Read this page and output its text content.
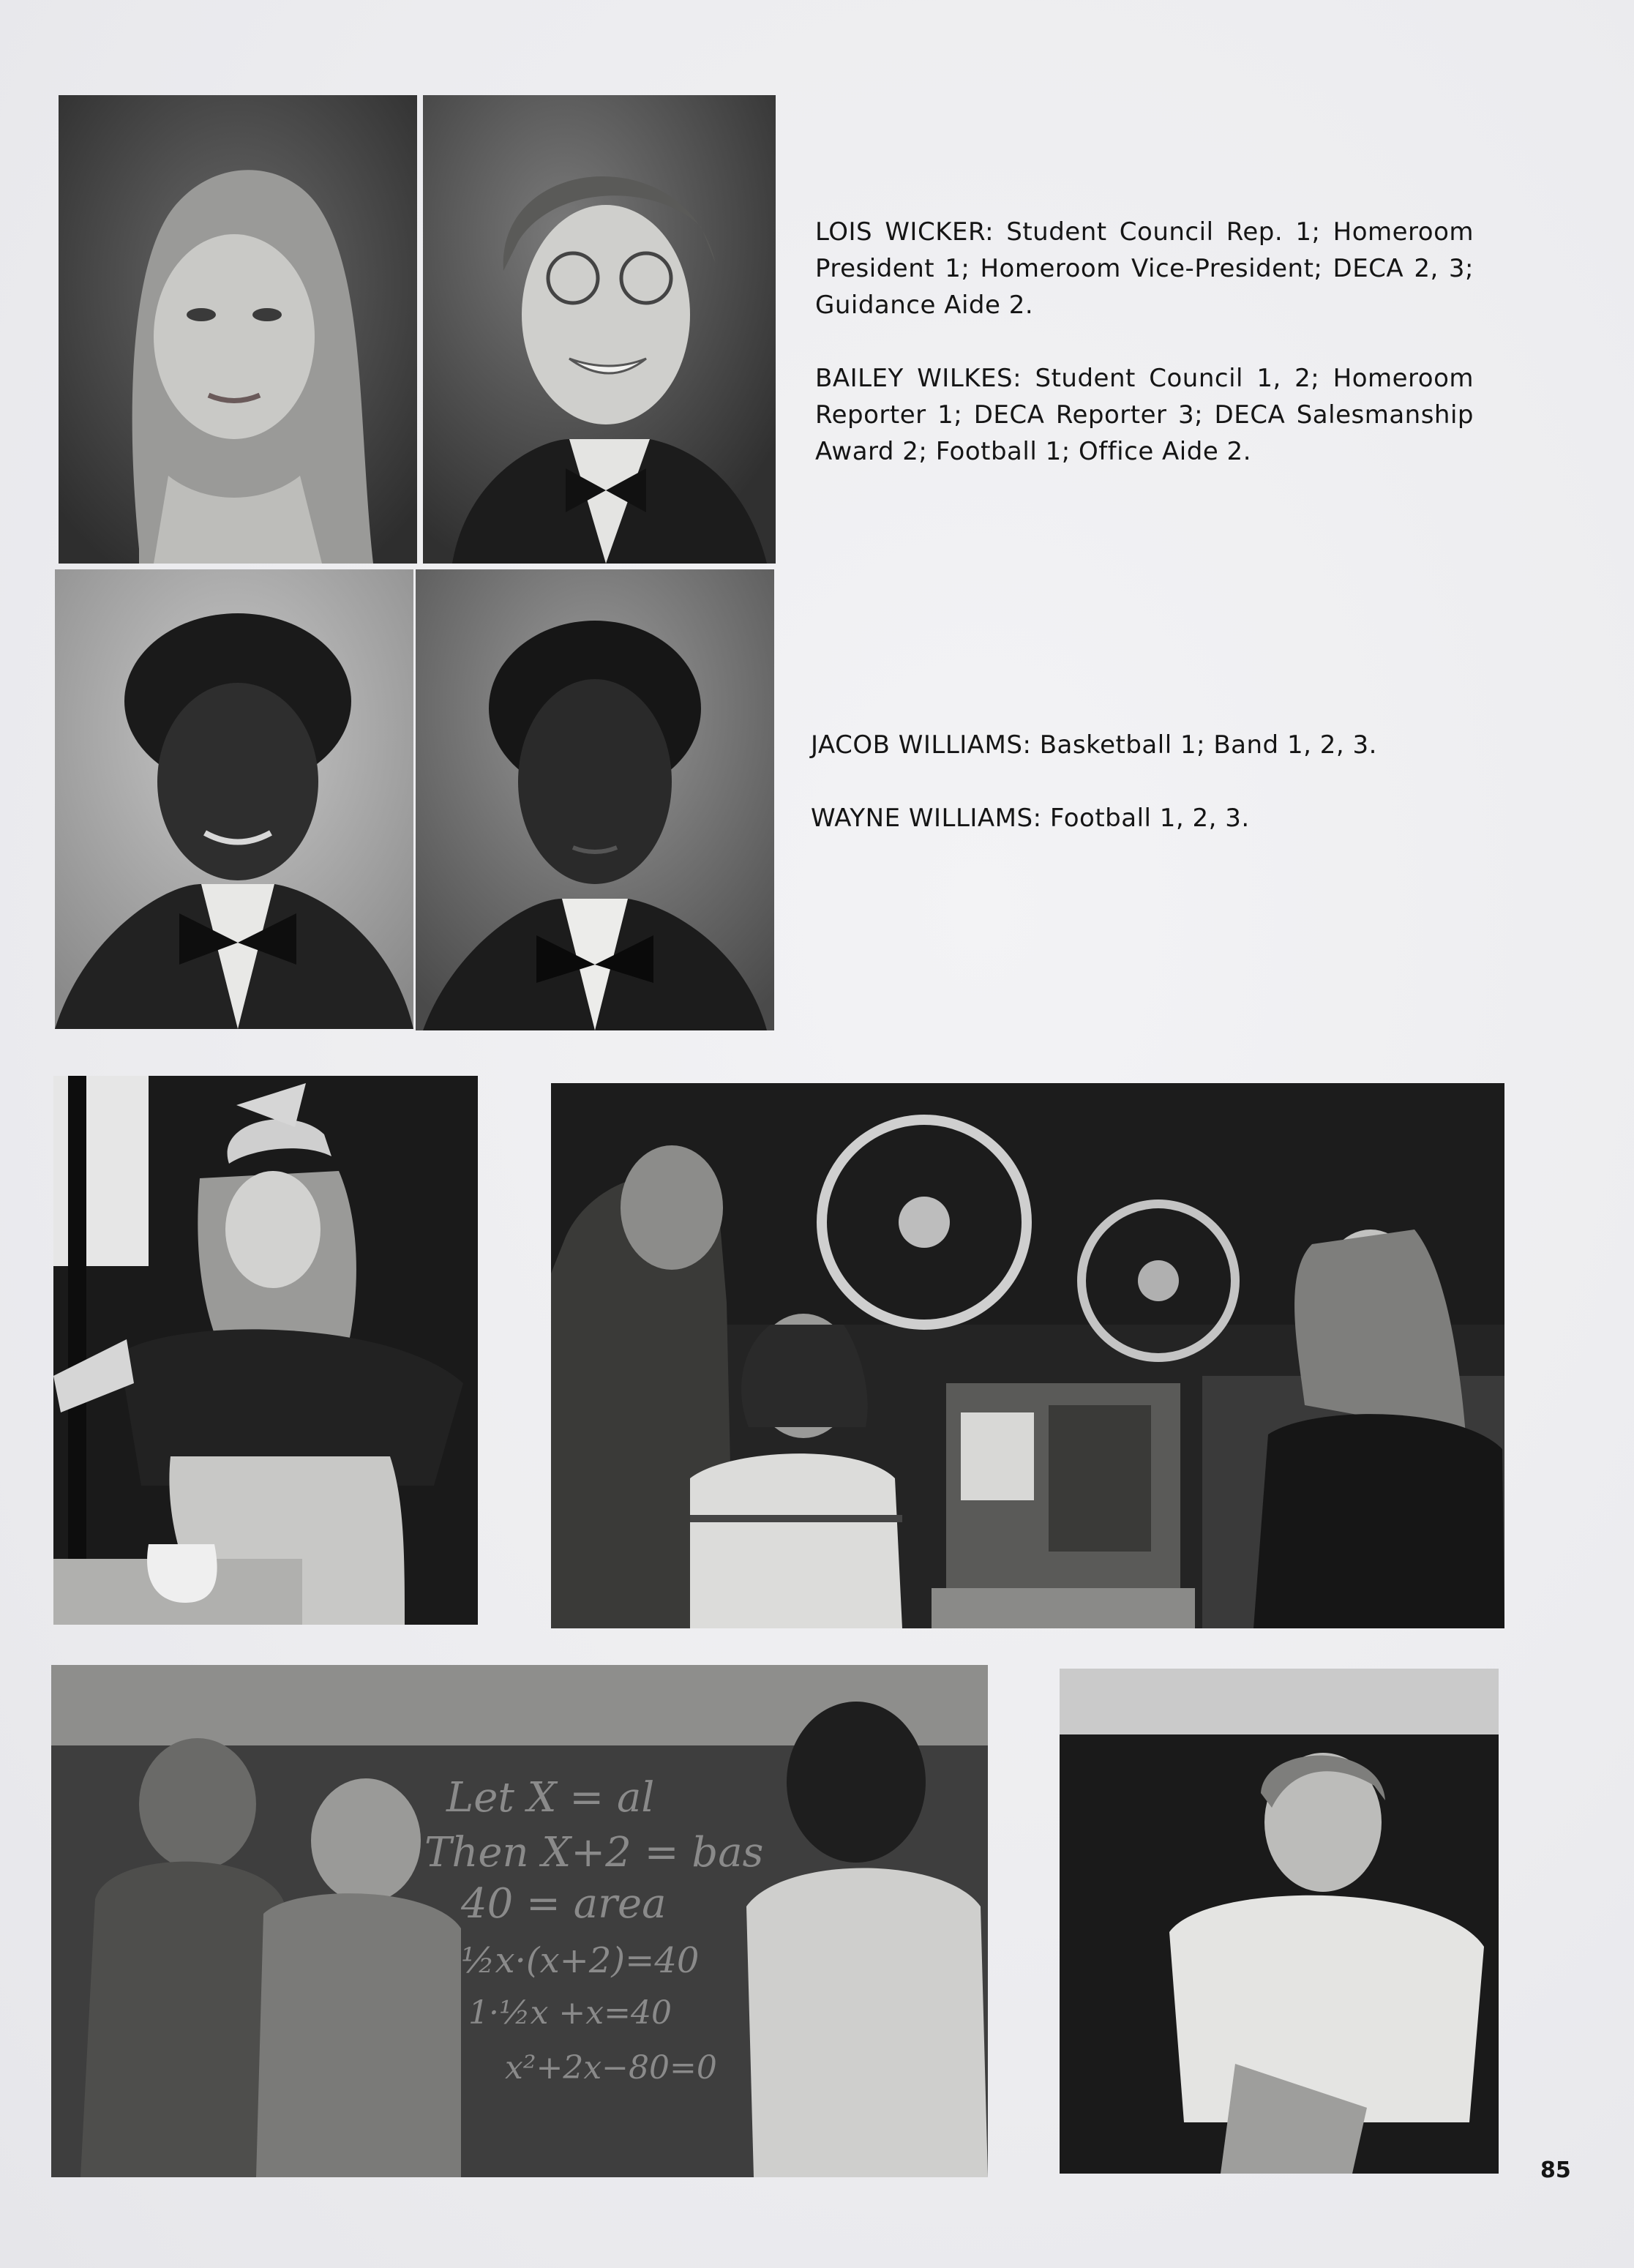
LOIS WICKER: Student Council Rep. 1; Homeroom President 1; Homeroom Vice-President; DECA 2, 3; Guidance Aide 2.

BAILEY WILKES: Student Council 1, 2; Homeroom Reporter 1; DECA Reporter 3; DECA Salesmanship Award 2; Football 1; Office Aide 2.

JACOB WILLIAMS: Basketball 1; Band 1, 2, 3.

WAYNE WILLIAMS: Football 1, 2, 3.

Let X = al
Then X+2 = bas
40 = area
½x·(x+2)=40
1·½x +x=40
x²+2x−80=0
85
